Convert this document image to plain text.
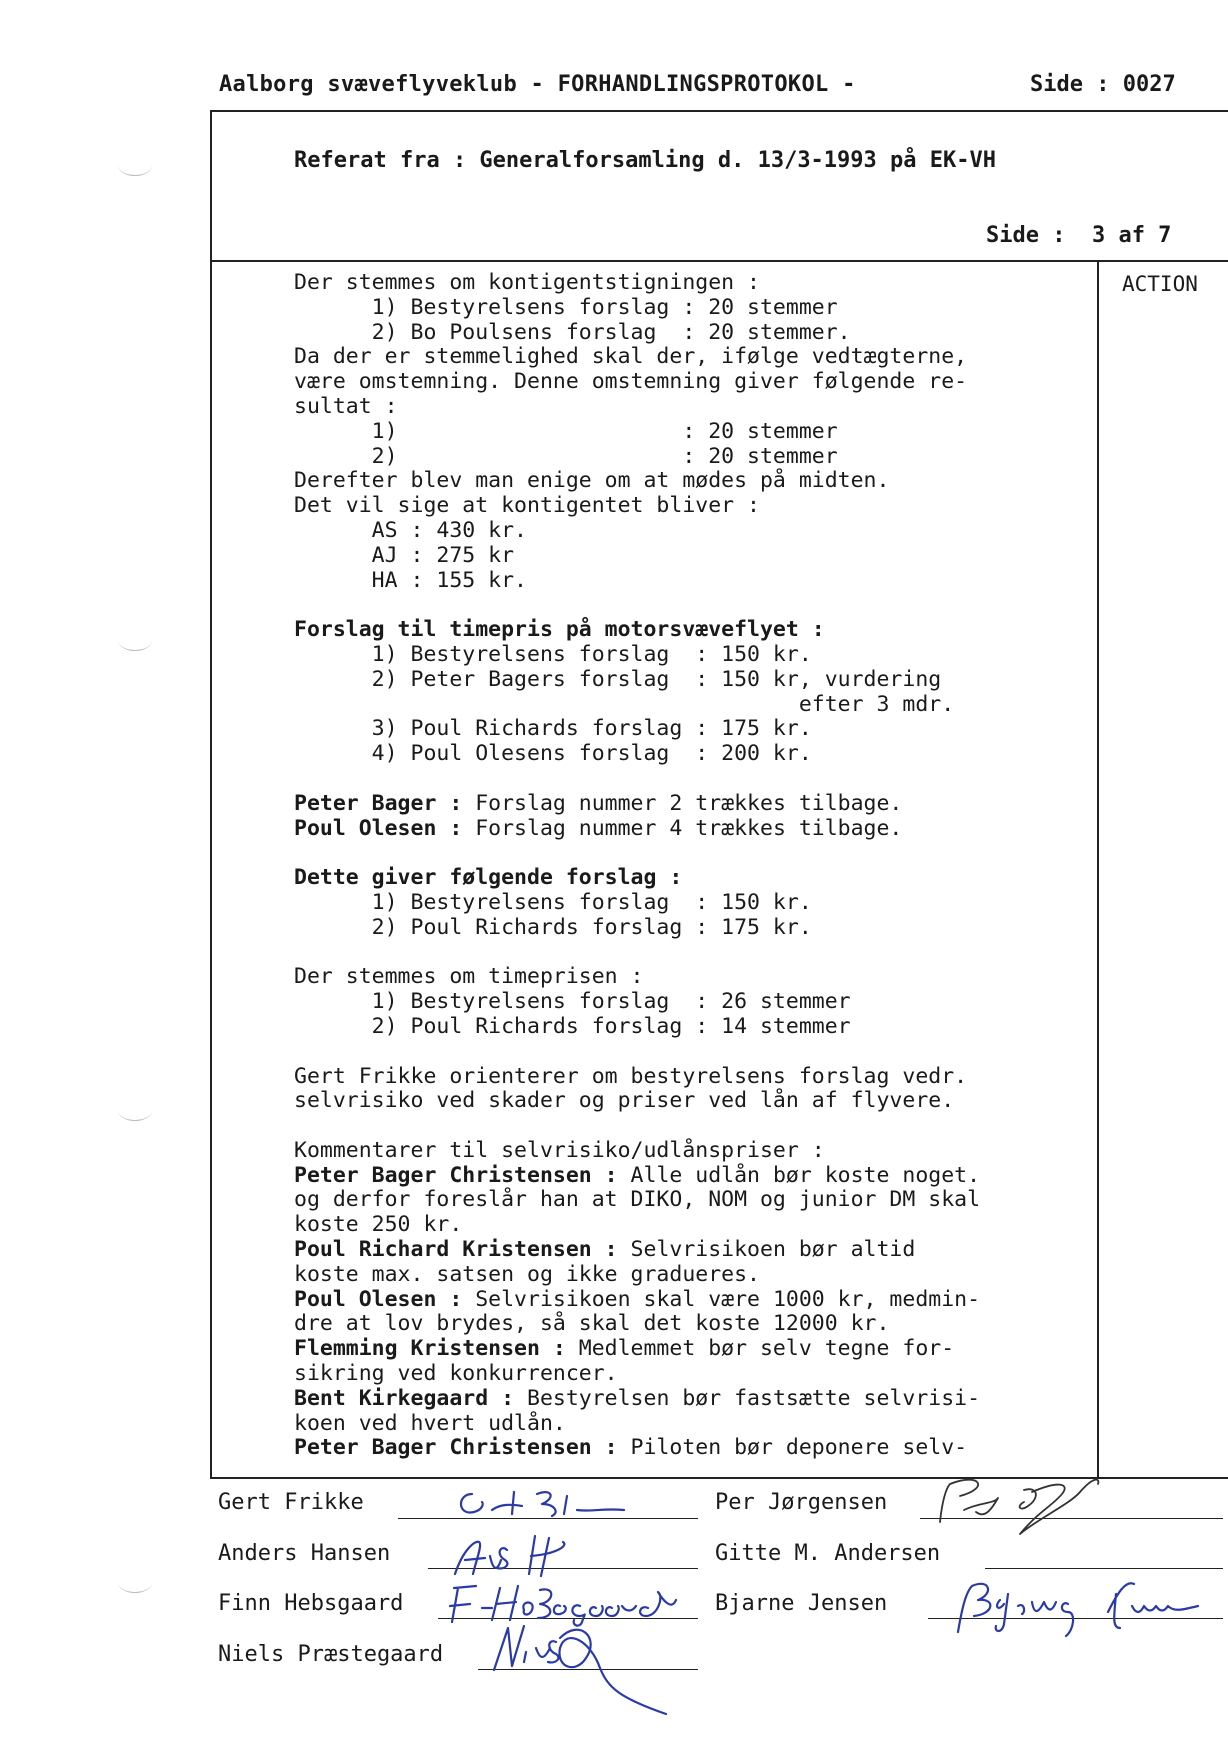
Aalborg svæveflyveklub - FORHANDLINGSPROTOKOL -	Side : 0027
Referat fra : Generalforsamling d. 13/3-1993 på EK-VH
Side :  3 af 7
ACTION
Der stemmes om kontigentstigningen :
1) Bestyrelsens forslag : 20 stemmer
2) Bo Poulsens forslag  : 20 stemmer.
Da der er stemmelighed skal der, ifølge vedtægterne,
være omstemning. Denne omstemning giver følgende re-
sultat :
1)                      : 20 stemmer
2)                      : 20 stemmer
Derefter blev man enige om at mødes på midten.
Det vil sige at kontigentet bliver :
AS : 430 kr.
AJ : 275 kr
HA : 155 kr.
Forslag til timepris på motorsvæveflyet :
1) Bestyrelsens forslag  : 150 kr.
2) Peter Bagers forslag  : 150 kr, vurdering
efter 3 mdr.
3) Poul Richards forslag : 175 kr.
4) Poul Olesens forslag  : 200 kr.
Peter Bager : Forslag nummer 2 trækkes tilbage.
Poul Olesen : Forslag nummer 4 trækkes tilbage.
Dette giver følgende forslag :
1) Bestyrelsens forslag  : 150 kr.
2) Poul Richards forslag : 175 kr.
Der stemmes om timeprisen :
1) Bestyrelsens forslag  : 26 stemmer
2) Poul Richards forslag : 14 stemmer
Gert Frikke orienterer om bestyrelsens forslag vedr.
selvrisiko ved skader og priser ved lån af flyvere.
Kommentarer til selvrisiko/udlånspriser :
Peter Bager Christensen : Alle udlån bør koste noget.
og derfor foreslår han at DIKO, NOM og junior DM skal
koste 250 kr.
Poul Richard Kristensen : Selvrisikoen bør altid
koste max. satsen og ikke gradueres.
Poul Olesen : Selvrisikoen skal være 1000 kr, medmin-
dre at lov brydes, så skal det koste 12000 kr.
Flemming Kristensen : Medlemmet bør selv tegne for-
sikring ved konkurrencer.
Bent Kirkegaard : Bestyrelsen bør fastsætte selvrisi-
koen ved hvert udlån.
Peter Bager Christensen : Piloten bør deponere selv-
Gert Frikke
Anders Hansen
Finn Hebsgaard
Niels Præstegaard
Per Jørgensen
Gitte M. Andersen
Bjarne Jensen
